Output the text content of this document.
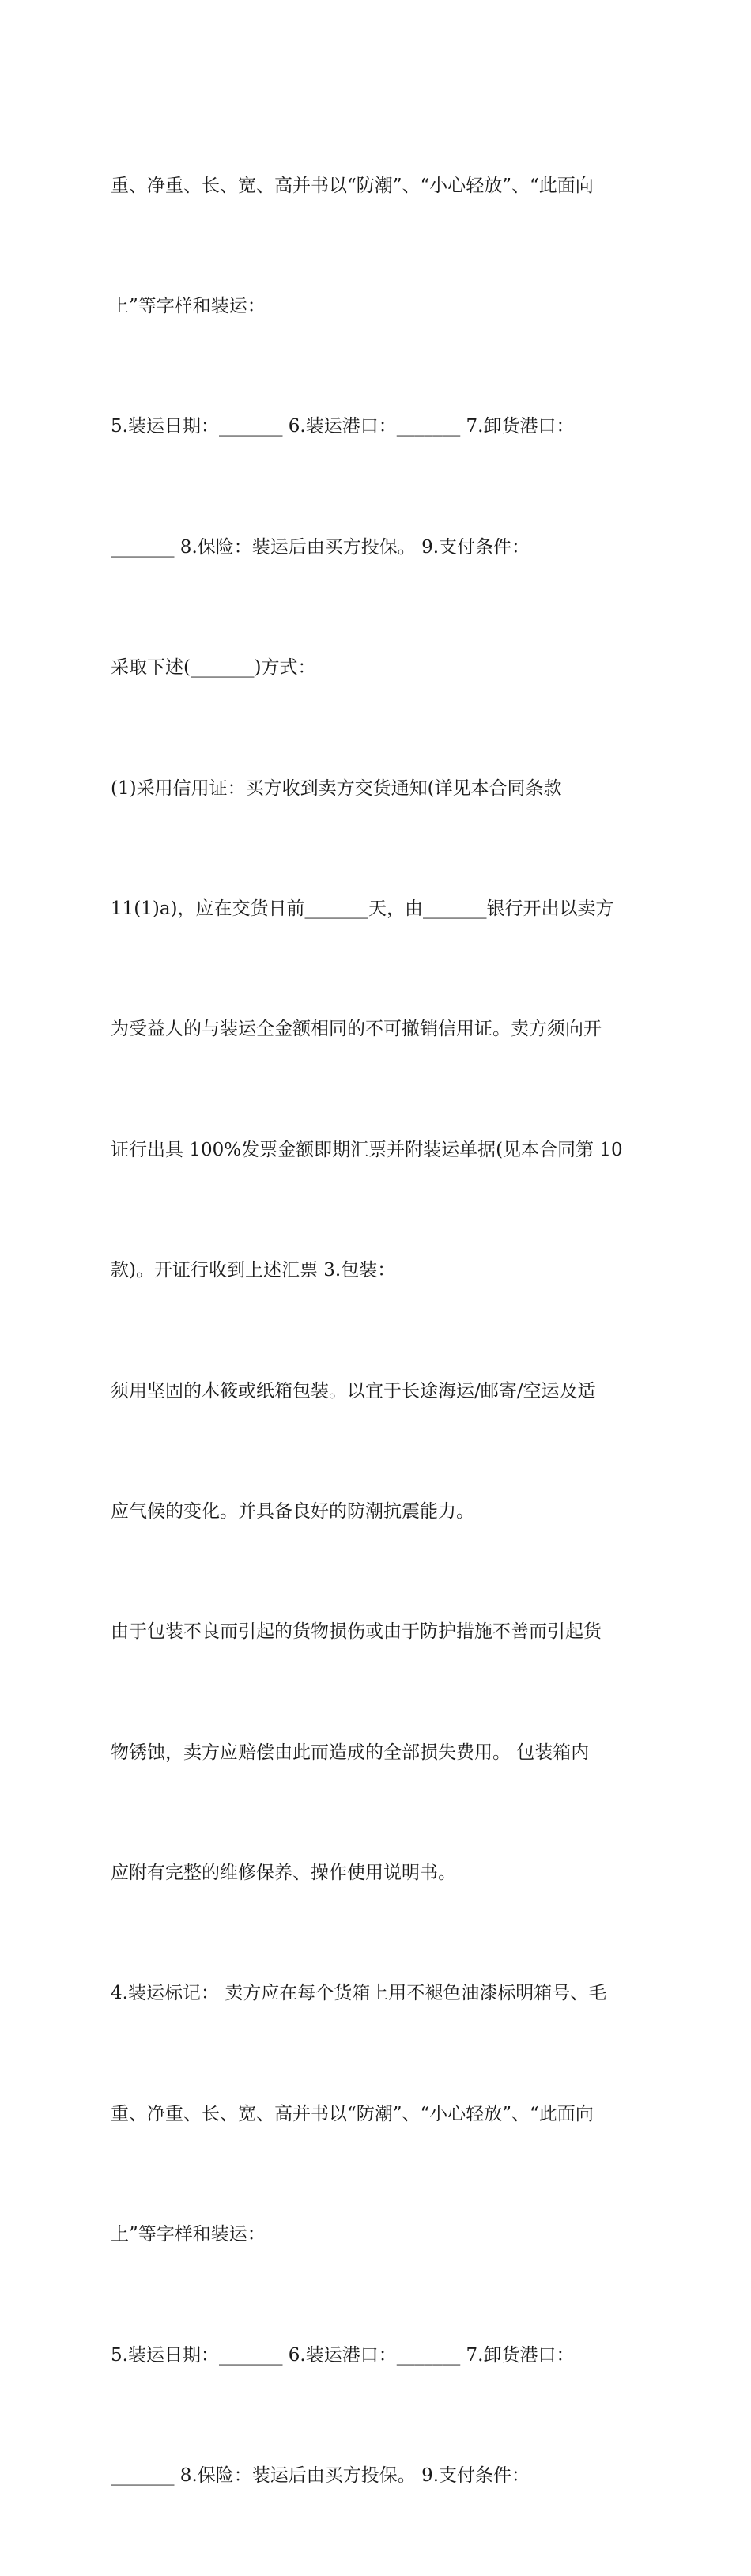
重、净重、长、宽、高并书以“防潮”、“小心轻放”、“此面向

上”等字样和装运：

5.装运日期：_______ 6.装运港口：_______ 7.卸货港口：

_______ 8.保险：装运后由买方投保。 9.支付条件：

采取下述(_______)方式：

(1)采用信用证：买方收到卖方交货通知(详见本合同条款

11(1)a)，应在交货日前_______天，由_______银行开出以卖方

为受益人的与装运全金额相同的不可撤销信用证。卖方须向开

证行出具 100%发票金额即期汇票并附装运单据(见本合同第 10

款)。开证行收到上述汇票 3.包装：

须用坚固的木筱或纸箱包装。以宜于长途海运/邮寄/空运及适

应气候的变化。并具备良好的防潮抗震能力。

由于包装不良而引起的货物损伤或由于防护措施不善而引起货

物锈蚀，卖方应赔偿由此而造成的全部损失费用。 包装箱内

应附有完整的维修保养、操作使用说明书。

4.装运标记： 卖方应在每个货箱上用不褪色油漆标明箱号、毛

重、净重、长、宽、高并书以“防潮”、“小心轻放”、“此面向

上”等字样和装运：

5.装运日期：_______ 6.装运港口：_______ 7.卸货港口：

_______ 8.保险：装运后由买方投保。 9.支付条件：
